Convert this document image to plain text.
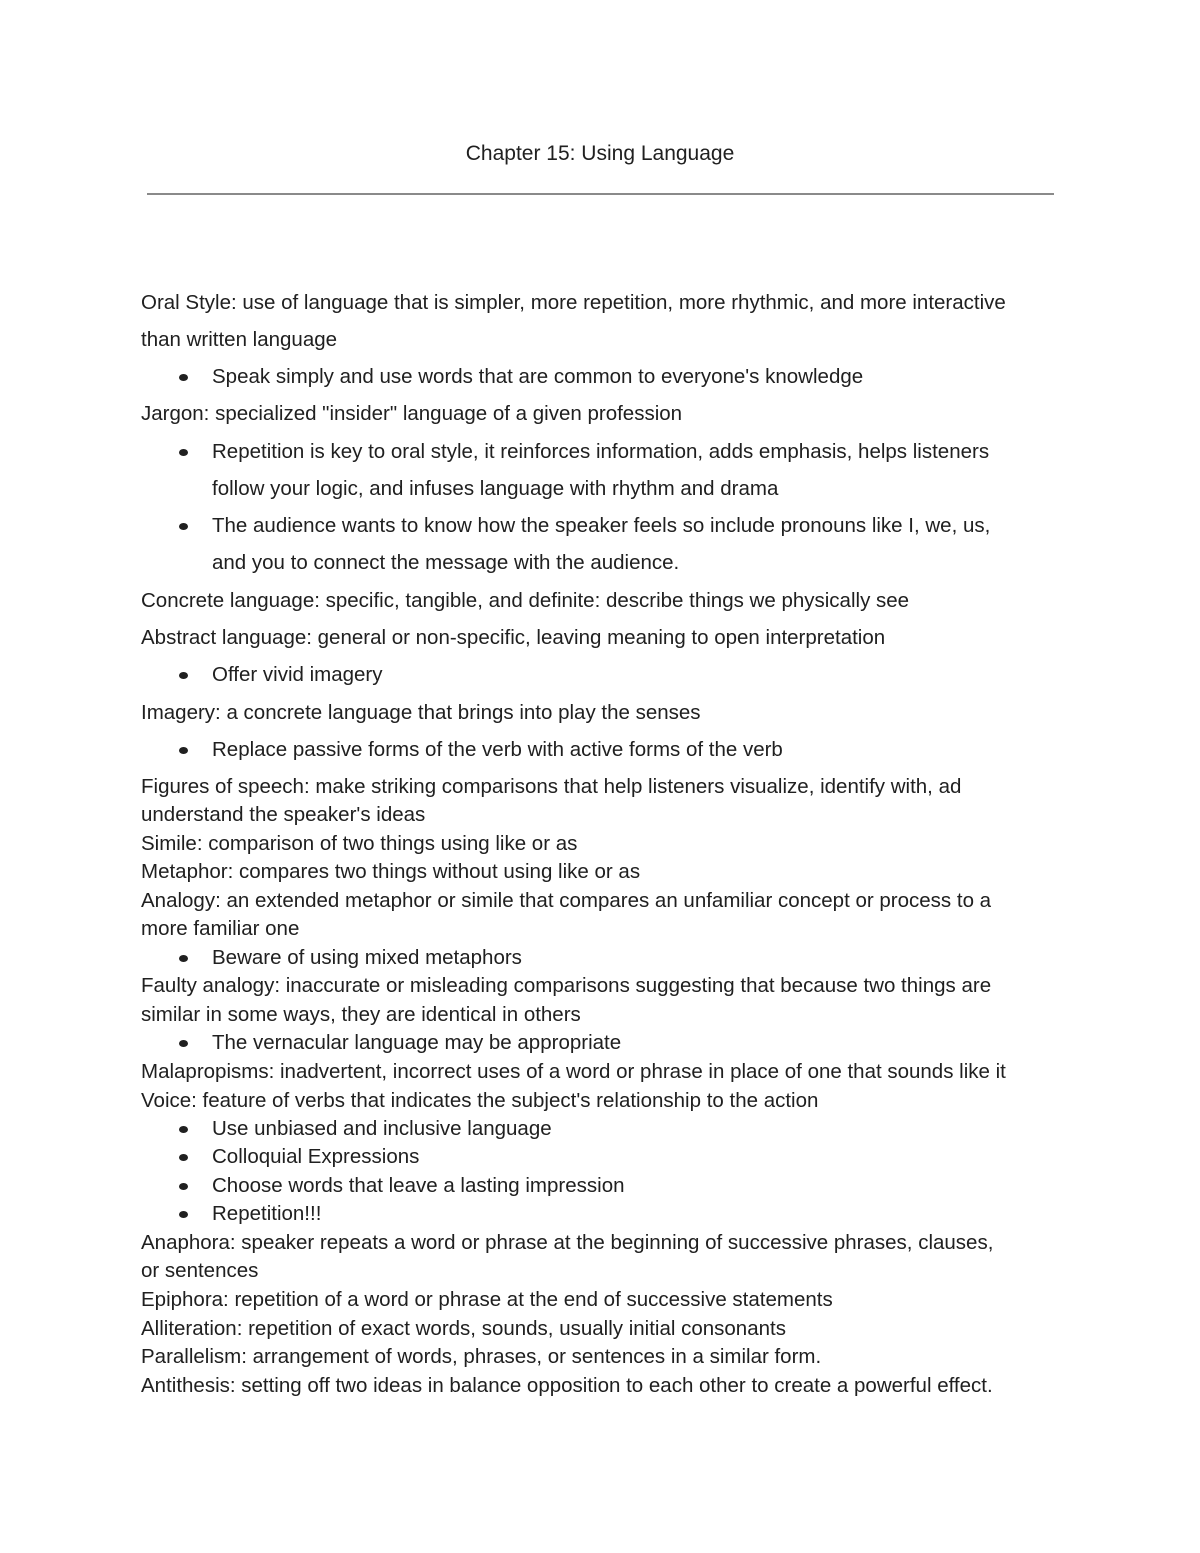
Chapter 15: Using Language
Oral Style: use of language that is simpler, more repetition, more rhythmic, and more interactive
than written language
Speak simply and use words that are common to everyone's knowledge
Jargon: specialized "insider" language of a given profession
Repetition is key to oral style, it reinforces information, adds emphasis, helps listeners
follow your logic, and infuses language with rhythm and drama
The audience wants to know how the speaker feels so include pronouns like I, we, us,
and you to connect the message with the audience.
Concrete language: specific, tangible, and definite: describe things we physically see
Abstract language: general or non-specific, leaving meaning to open interpretation
Offer vivid imagery
Imagery: a concrete language that brings into play the senses
Replace passive forms of the verb with active forms of the verb
Figures of speech: make striking comparisons that help listeners visualize, identify with, ad
understand the speaker's ideas
Simile: comparison of two things using like or as
Metaphor: compares two things without using like or as
Analogy: an extended metaphor or simile that compares an unfamiliar concept or process to a
more familiar one
Beware of using mixed metaphors
Faulty analogy: inaccurate or misleading comparisons suggesting that because two things are
similar in some ways, they are identical in others
The vernacular language may be appropriate
Malapropisms: inadvertent, incorrect uses of a word or phrase in place of one that sounds like it
Voice: feature of verbs that indicates the subject's relationship to the action
Use unbiased and inclusive language
Colloquial Expressions
Choose words that leave a lasting impression
Repetition!!!
Anaphora: speaker repeats a word or phrase at the beginning of successive phrases, clauses,
or sentences
Epiphora: repetition of a word or phrase at the end of successive statements
Alliteration: repetition of exact words, sounds, usually initial consonants
Parallelism: arrangement of words, phrases, or sentences in a similar form.
Antithesis: setting off two ideas in balance opposition to each other to create a powerful effect.
